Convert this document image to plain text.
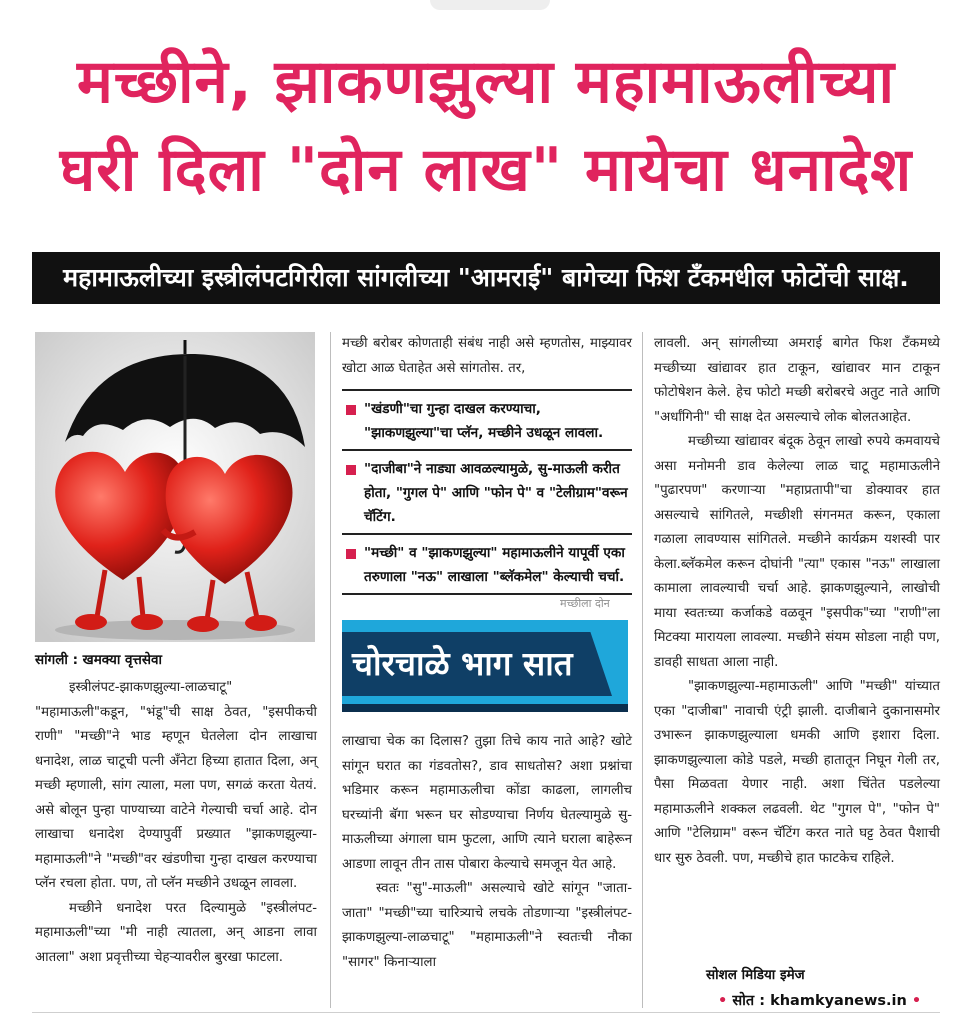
मच्छीने, झाकणझुल्या महामाऊलीच्या
घरी दिला "दोन लाख" मायेचा धनादेश
महामाऊलीच्या इस्त्रीलंपटगिरीला सांगलीच्या "आमराई" बागेच्या फिश टॅंकमधील फोटोंची साक्ष.
सांगली : खमक्या वृत्तसेवा

इस्त्रीलंपट-झाकणझुल्या-लाळचाटू" "महामाऊली"कडून, "भंडू"ची साक्ष ठेवत, "इसपीकची राणी" "मच्छी"ने भाड म्हणून घेतलेला दोन लाखाचा धनादेश, लाळ चाटूची पत्नी अँनेटा हिच्या हातात दिला, अन् मच्छी म्हणाली, सांग त्याला, मला पण, सगळं करता येतयं. असे बोलून पुन्हा पाण्याच्या वाटेने गेल्याची चर्चा आहे. दोन लाखाचा धनादेश देण्यापुर्वी प्रख्यात "झाकणझुल्या-महामाऊली"ने "मच्छी"वर खंडणीचा गुन्हा दाखल करण्याचा प्लॅन रचला होता. पण, तो प्लॅन मच्छीने उधळून लावला.

मच्छीने धनादेश परत दिल्यामुळे "इस्त्रीलंपट-महामाऊली"च्या "मी नाही त्यातला, अन् आडना लावा आतला" अशा प्रवृत्तीच्या चेहऱ्यावरील बुरखा फाटला.

मच्छी बरोबर कोणताही संबंध नाही असे म्हणतोस, माझ्यावर खोटा आळ घेताहेत असे सांगतोस. तर,

"खंडणी"चा गुन्हा दाखल करण्याचा, "झाकणझुल्या"चा प्लॅन, मच्छीने उधळून लावला.
"दाजीबा"ने नाड्या आवळल्यामुळे, सु-माऊली करीत होता, "गुगल पे" आणि "फोन पे" व "टेलीग्राम"वरून चॅटिंग.
"मच्छी" व "झाकणझुल्या" महामाऊलीने यापूर्वी एका तरुणाला "नऊ" लाखाला "ब्लॅकमेल" केल्याची चर्चा.
मच्छीला दोन
चोरचाळे भाग सात

लाखाचा चेक का दिलास? तुझा तिचे काय नाते आहे? खोटे सांगून घरात का गंडवतोस?, डाव साधतोस? अशा प्रश्नांचा भडिमार करून महामाऊलीचा कोंडा काढला, लागलीच घरच्यांनी बॅगा भरून घर सोडण्याचा निर्णय घेतल्यामुळे सु-माऊलीच्या अंगाला घाम फुटला, आणि त्याने घराला बाहेरून आडणा लावून तीन तास पोबारा केल्याचे समजून येत आहे.

स्वतः "सु"-माऊली" असल्याचे खोटे सांगून "जाता-जाता" "मच्छी"च्या चारित्र्याचे लचके तोडणाऱ्या "इस्त्रीलंपट-झाकणझुल्या-लाळचाटू" "महामाऊली"ने स्वतःची नौका "सागर" किनाऱ्याला

लावली. अन् सांगलीच्या अमराई बागेत फिश टॅंकमध्ये मच्छीच्या खांद्यावर हात टाकून, खांद्यावर मान टाकून फोटोषेशन केले. हेच फोटो मच्छी बरोबरचे अतुट नाते आणि "अर्धांगिनी" ची साक्ष देत असल्याचे लोक बोलतआहेत.

मच्छीच्या खांद्यावर बंदूक ठेवून लाखो रुपये कमवायचे असा मनोमनी डाव केलेल्या लाळ चाटू महामाऊलीने "पुढारपण" करणाऱ्या "महाप्रतापी"चा डोक्यावर हात असल्याचे सांगितले, मच्छीशी संगनमत करून, एकाला गळाला लावण्यास सांगितले. मच्छीने कार्यक्रम यशस्वी पार केला.ब्लॅकमेल करून दोघांनी "त्या" एकास "नऊ" लाखाला कामाला लावल्याची चर्चा आहे. झाकणझुल्याने, लाखोची माया स्वतःच्या कर्जाकडे वळवून "इसपीक"च्या "राणी"ला मिटक्या मारायला लावल्या. मच्छीने संयम सोडला नाही पण, डावही साधता आला नाही.

"झाकणझुल्या-महामाऊली" आणि "मच्छी" यांच्यात एका "दाजीबा" नावाची एंट्री झाली. दाजीबाने दुकानासमोर उभारून झाकणझुल्याला धमकी आणि इशारा दिला. झाकणझुल्याला कोडे पडले, मच्छी हातातून निघून गेली तर, पैसा मिळवता येणार नाही. अशा चिंतेत पडलेल्या महामाऊलीने शक्कल लढवली. थेट "गुगल पे", "फोन पे" आणि "टेलिग्राम" वरून चॅटिंग करत नाते घट्ट ठेवत पैशाची धार सुरु ठेवली. पण, मच्छीचे हात फाटकेच राहिले.

सोशल मिडिया इमेज
• सोत : khamkyanews.in •
